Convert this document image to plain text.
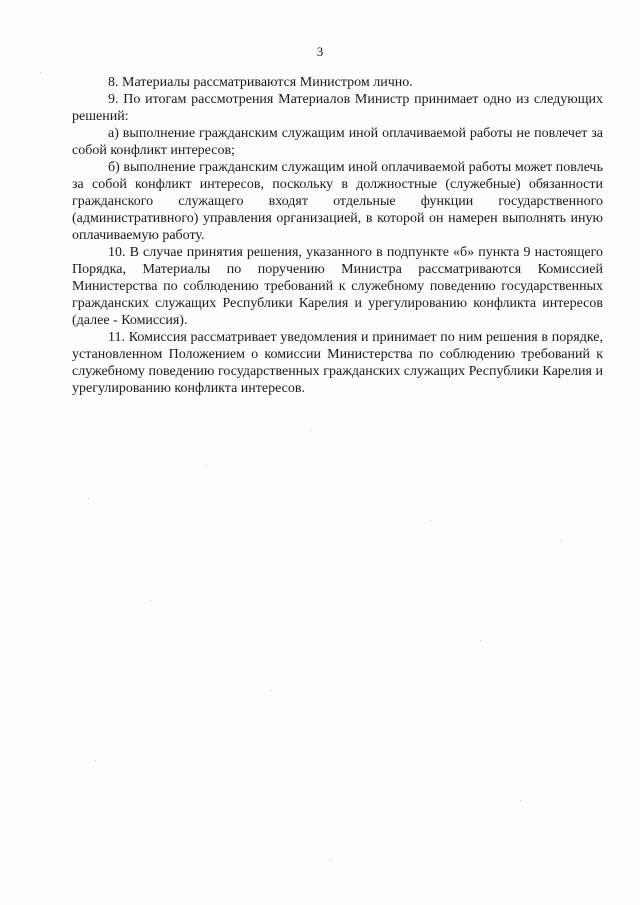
3

8. Материалы рассматриваются Министром лично.

9. По итогам рассмотрения Материалов Министр принимает одно из следующих решений:

а) выполнение гражданским служащим иной оплачиваемой работы не повлечет за собой конфликт интересов;

б) выполнение гражданским служащим иной оплачиваемой работы может повлечь за собой конфликт интересов, поскольку в должностные (служебные) обязанности гражданского служащего входят отдельные функции государственного (административного) управления организацией, в которой он намерен выполнять иную оплачиваемую работу.

10. В случае принятия решения, указанного в подпункте «б» пункта 9 настоящего Порядка, Материалы по поручению Министра рассматриваются Комиссией Министерства по соблюдению требований к служебному поведению государственных гражданских служащих Республики Карелия и урегулированию конфликта интересов (далее - Комиссия).

11. Комиссия рассматривает уведомления и принимает по ним решения в порядке, установленном Положением о комиссии Министерства по соблюдению требований к служебному поведению государственных гражданских служащих Республики Карелия и урегулированию конфликта интересов.
